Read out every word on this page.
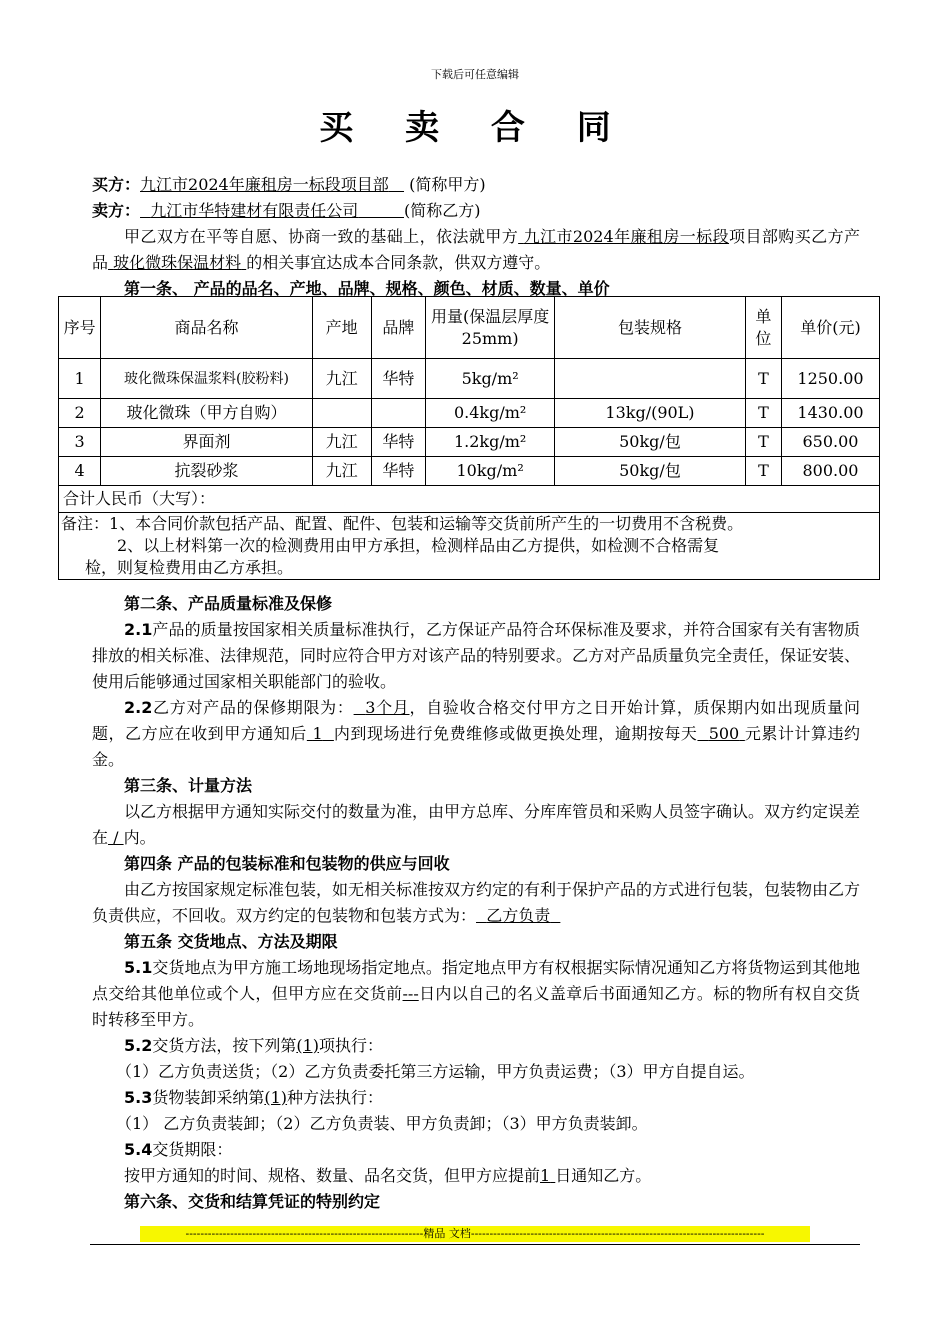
下载后可任意编辑
买 卖 合 同
买方：九江市2024年廉租房一标段项目部 (简称甲方)
卖方： 九江市华特建材有限责任公司	(简称乙方)

甲乙双方在平等自愿、协商一致的基础上，依法就甲方 九江市2024年廉租房一标段项目部购买乙方产品 玻化微珠保温材料 的相关事宜达成本合同条款，供双方遵守。

第一条、 产品的品名、产地、品牌、规格、颜色、材质、数量、单价
序号	商品名称	产地	品牌	用量(保温层厚度25mm)	包装规格	单位	单价(元)
1	玻化微珠保温浆料(胶粉料)	九江	华特	5kg/m²		T	1250.00
2	玻化微珠（甲方自购）			0.4kg/m²	13kg/(90L)	T	1430.00
3	界面剂	九江	华特	1.2kg/m²	50kg/包	T	650.00
4	抗裂砂浆	九江	华特	10kg/m²	50kg/包	T	800.00
合计人民币（大写）：							

备注：1、本合同价款包括产品、配置、配件、包装和运输等交货前所产生的一切费用不含税费。
2、以上材料第一次的检测费用由甲方承担，检测样品由乙方提供，如检测不合格需复
检，则复检费用由乙方承担。							
第二条、产品质量标准及保修

2.1产品的质量按国家相关质量标准执行，乙方保证产品符合环保标准及要求，并符合国家有关有害物质排放的相关标准、法律规范，同时应符合甲方对该产品的特别要求。乙方对产品质量负完全责任，保证安装、使用后能够通过国家相关职能部门的验收。

2.2乙方对产品的保修期限为： 3个月，自验收合格交付甲方之日开始计算，质保期内如出现质量问题，乙方应在收到甲方通知后 1 内到现场进行免费维修或做更换处理，逾期按每天 500 元累计计算违约金。

第三条、计量方法

以乙方根据甲方通知实际交付的数量为准，由甲方总库、分库库管员和采购人员签字确认。双方约定误差在 / 内。

第四条 产品的包装标准和包装物的供应与回收

由乙方按国家规定标准包装，如无相关标准按双方约定的有利于保护产品的方式进行包装，包装物由乙方负责供应，不回收。双方约定的包装物和包装方式为： 乙方负责

第五条 交货地点、方法及期限

5.1交货地点为甲方施工场地现场指定地点。指定地点甲方有权根据实际情况通知乙方将货物运到其他地点交给其他单位或个人，但甲方应在交货前---日内以自己的名义盖章后书面通知乙方。标的物所有权自交货时转移至甲方。

5.2交货方法，按下列第(1)项执行：

（1）乙方负责送货；（2）乙方负责委托第三方运输，甲方负责运费；（3）甲方自提自运。

5.3货物装卸采纳第(1)种方法执行：

（1） 乙方负责装卸；（2）乙方负责装、甲方负责卸；（3）甲方负责装卸。

5.4交货期限：

按甲方通知的时间、规格、数量、品名交货，但甲方应提前1 日通知乙方。

第六条、交货和结算凭证的特别约定
----------------------------------------------------------------精品 文档-------------------------------------------------------------------------------
